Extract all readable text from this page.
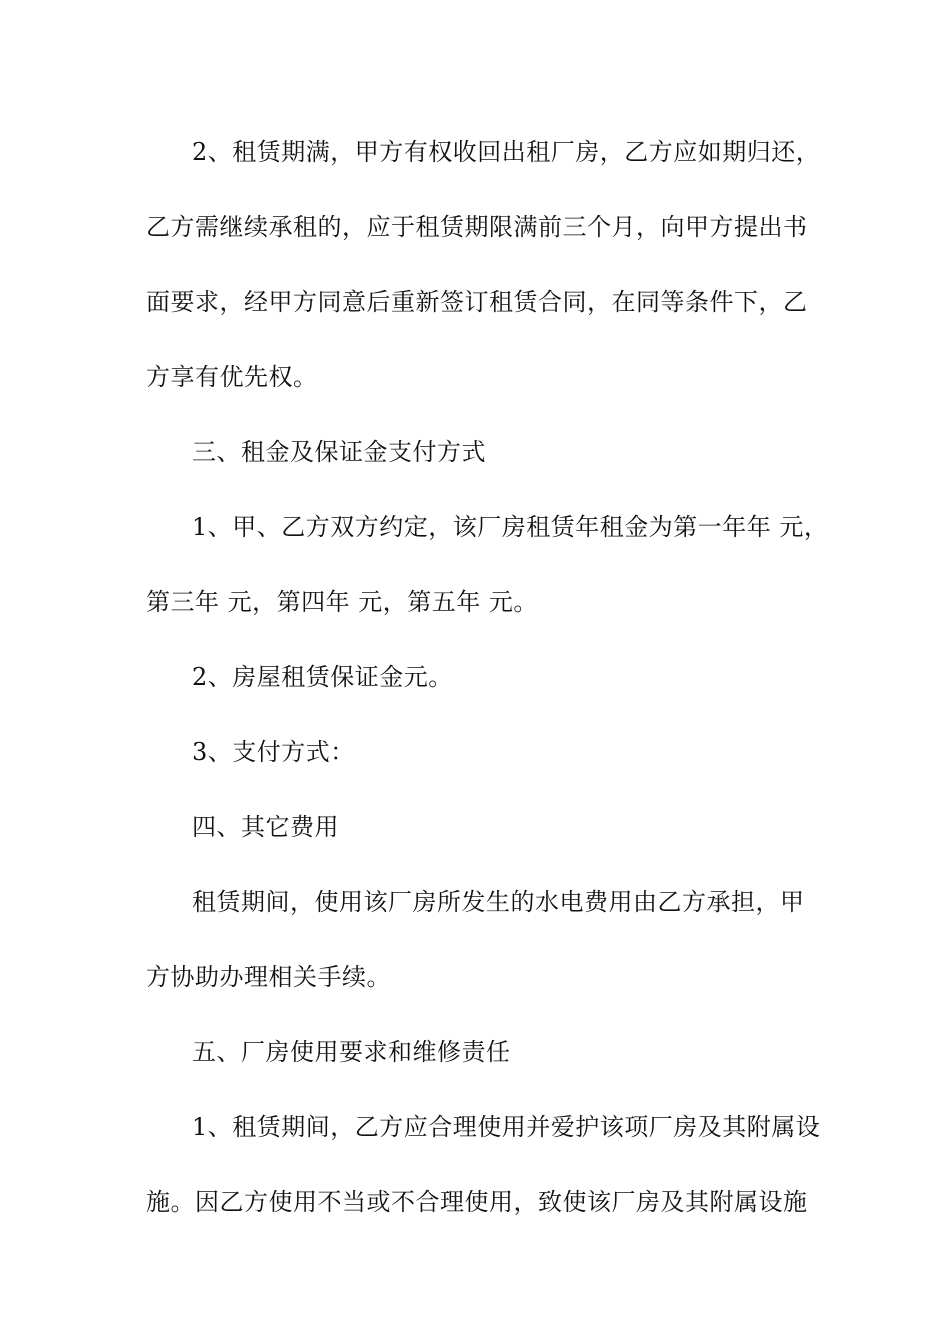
2、租赁期满，甲方有权收回出租厂房，乙方应如期归还，
乙方需继续承租的，应于租赁期限满前三个月，向甲方提出书
面要求，经甲方同意后重新签订租赁合同，在同等条件下，乙
方享有优先权。
三、租金及保证金支付方式
1、甲、乙方双方约定，该厂房租赁年租金为第一年年 元，
第三年 元，第四年 元，第五年 元。
2、房屋租赁保证金元。
3、支付方式：
四、其它费用
租赁期间，使用该厂房所发生的水电费用由乙方承担，甲
方协助办理相关手续。
五、厂房使用要求和维修责任
1、租赁期间，乙方应合理使用并爱护该项厂房及其附属设
施。因乙方使用不当或不合理使用，致使该厂房及其附属设施
